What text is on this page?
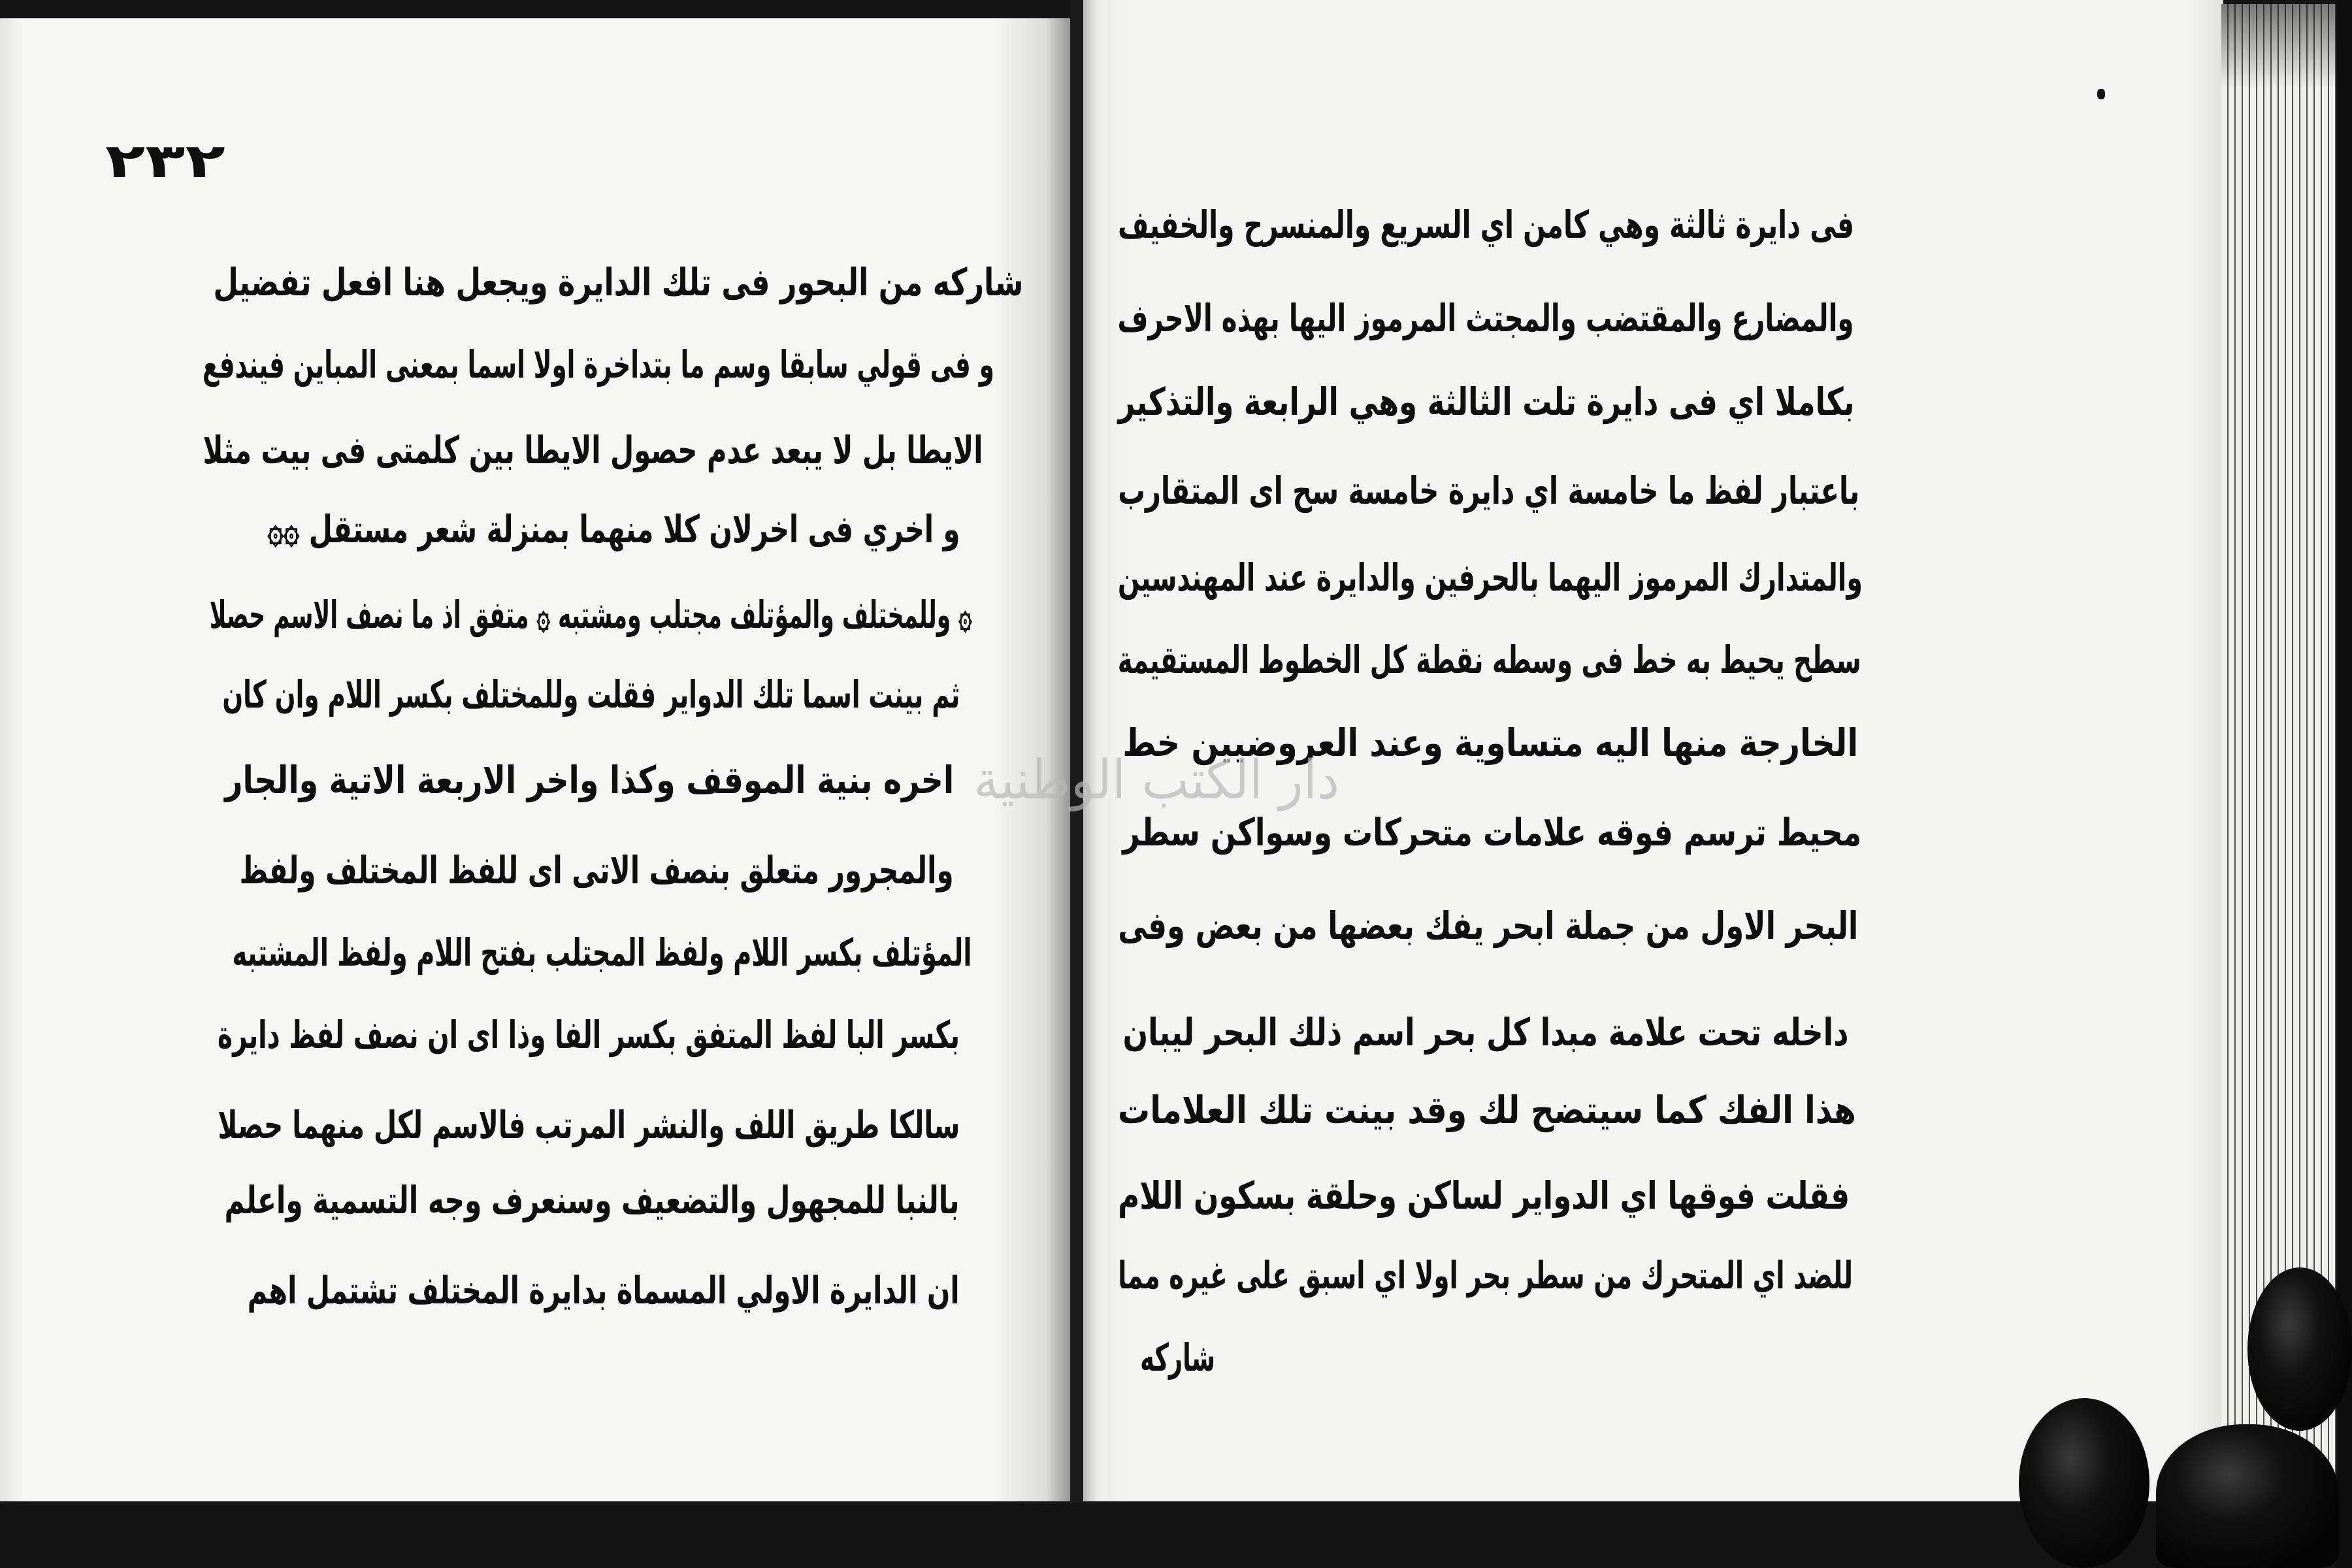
٢٣٢
شاركه من البحور فى تلك الدايرة ويجعل هنا افعل تفضيل
و فى قولي سابقا وسم ما بتداخرة اولا اسما بمعنى المباين فيندفع
الايطا بل لا يبعد عدم حصول الايطا بين كلمتى فى بيت مثلا
و اخري فى اخرلان كلا منهما بمنزلة شعر مستقل ۞۞
۞ وللمختلف والمؤتلف مجتلب ومشتبه ۞ متفق اذ ما نصف الاسم حصلا
ثم بينت اسما تلك الدواير فقلت وللمختلف بكسر اللام وان كان
اخره بنية الموقف وكذا واخر الاربعة الاتية والجار
والمجرور متعلق بنصف الاتى اى للفظ المختلف ولفظ
المؤتلف بكسر اللام ولفظ المجتلب بفتح اللام ولفظ المشتبه
بكسر البا لفظ المتفق بكسر الفا وذا اى ان نصف لفظ دايرة
سالكا طريق اللف والنشر المرتب فالاسم لكل منهما حصلا
بالنبا للمجهول والتضعيف وسنعرف وجه التسمية واعلم
ان الدايرة الاولي المسماة بدايرة المختلف تشتمل اهم
فى دايرة ثالثة وهي كامن اي السريع والمنسرح والخفيف
والمضارع والمقتضب والمجتث المرموز اليها بهذه الاحرف
بكاملا اي فى دايرة تلت الثالثة وهي الرابعة والتذكير
باعتبار لفظ ما خامسة اي دايرة خامسة سح اى المتقارب
والمتدارك المرموز اليهما بالحرفين والدايرة عند المهندسين
سطح يحيط به خط فى وسطه نقطة كل الخطوط المستقيمة
الخارجة منها اليه متساوية وعند العروضيين خط
محيط ترسم فوقه علامات متحركات وسواكن سطر
البحر الاول من جملة ابحر يفك بعضها من بعض وفى
داخله تحت علامة مبدا كل بحر اسم ذلك البحر ليبان
هذا الفك كما سيتضح لك وقد بينت تلك العلامات
فقلت فوقها اي الدواير لساكن وحلقة بسكون اللام
للضد اي المتحرك من سطر بحر اولا اي اسبق على غيره مما
شاركه
دار الكتب الوطنية
